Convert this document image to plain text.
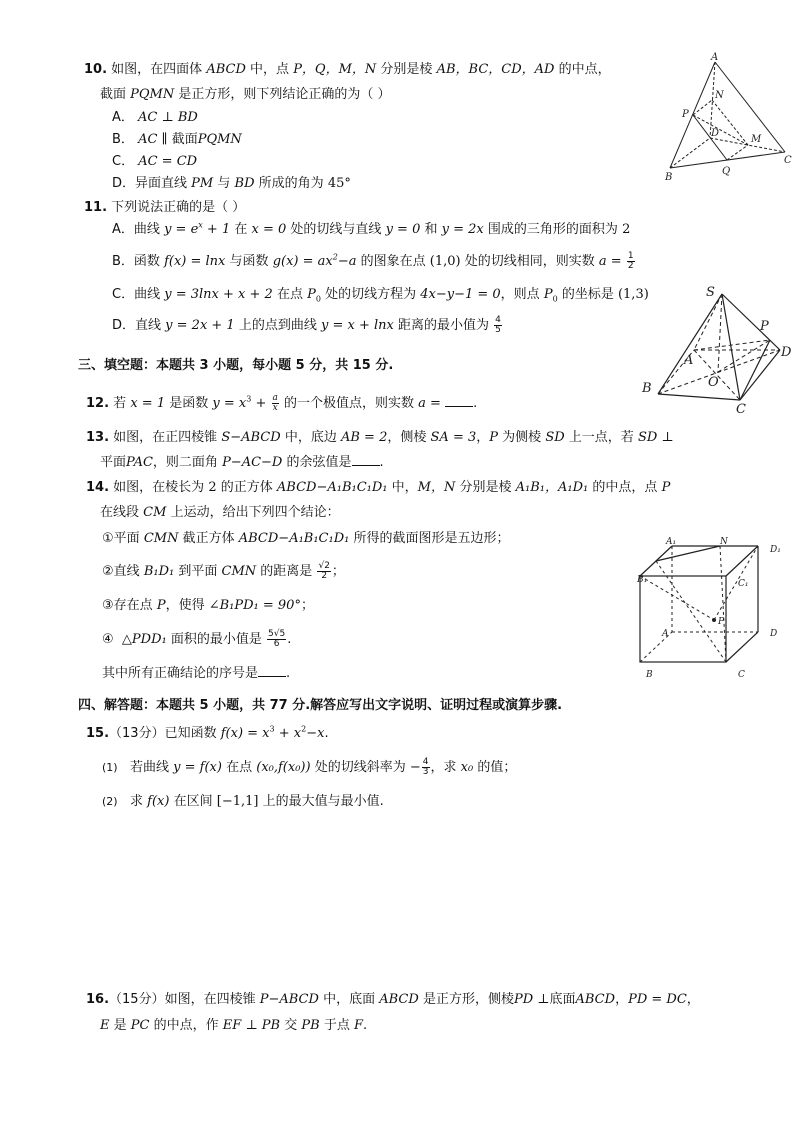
10. 如图，在四面体 ABCD 中，点 P，Q，M，N 分别是棱 AB，BC，CD，AD 的中点，
截面 PQMN 是正方形，则下列结论正确的为（ ）
A． AC ⊥ BD
B． AC ∥ 截面PQMN
C． AC = CD
D．异面直线 PM 与 BD 所成的角为 45°
A
N
P
D
M
B
Q
C
11. 下列说法正确的是（ ）
A．曲线 $y = e^x + 1$ 在 x = 0 处的切线与直线 y = 0 和 y = 2x 围成的三角形的面积为 2
B．函数 f(x) = lnx 与函数 $g(x) = ax^2-a$ 的图象在点 (1,0) 处的切线相同，则实数 $a = \frac{1}{2}$
C．曲线 y = 3lnx + x + 2 在点 $P_0$ 处的切线方程为 4x−y−1 = 0，则点 $P_0$ 的坐标是 (1,3)
D．直线 y = 2x + 1 上的点到曲线 y = x + lnx 距离的最小值为 $\frac{4}{5}$
S
P
D
A
O
B
C
三、填空题：本题共 3 小题，每小题 5 分，共 15 分.
12. 若 x = 1 是函数 $y = x^3 + \frac{a}{x}$ 的一个极值点，则实数 a = .
13. 如图，在正四棱锥 S−ABCD 中，底边 AB = 2，侧棱 SA = 3，P 为侧棱 SD 上一点，若 SD ⊥
平面PAC，则二面角 P−AC−D 的余弦值是 .
14. 如图，在棱长为 2 的正方体 ABCD−A₁B₁C₁D₁ 中，M，N 分别是棱 A₁B₁，A₁D₁ 的中点，点 P
在线段 CM 上运动，给出下列四个结论：
①平面 CMN 截正方体 ABCD−A₁B₁C₁D₁ 所得的截面图形是五边形；
②直线 B₁D₁ 到平面 CMN 的距离是 $\frac{√2}{2}$ ；
③存在点 P，使得 ∠B₁PD₁ = 90°；
④ △PDD₁ 面积的最小值是 $\frac{5√5}{6}$ .
其中所有正确结论的序号是 .
A₁	N
D₁
B₁	C₁
D
A
P
B	C
四、解答题：本题共 5 小题，共 77 分.解答应写出文字说明、证明过程或演算步骤.
15.（13分）已知函数 $f(x) = x^3 + x^2-x$.
(1) 若曲线 y = f(x) 在点 (x₀,f(x₀)) 处的切线斜率为 − $\frac{4}{3}$ ，求 x₀ 的值；
(2) 求 f(x) 在区间 [−1,1] 上的最大值与最小值.
16.（15分）如图，在四棱锥 P−ABCD 中，底面 ABCD 是正方形，侧棱PD ⊥底面ABCD，PD = DC，
E 是 PC 的中点，作 EF ⊥ PB 交 PB 于点 F.
